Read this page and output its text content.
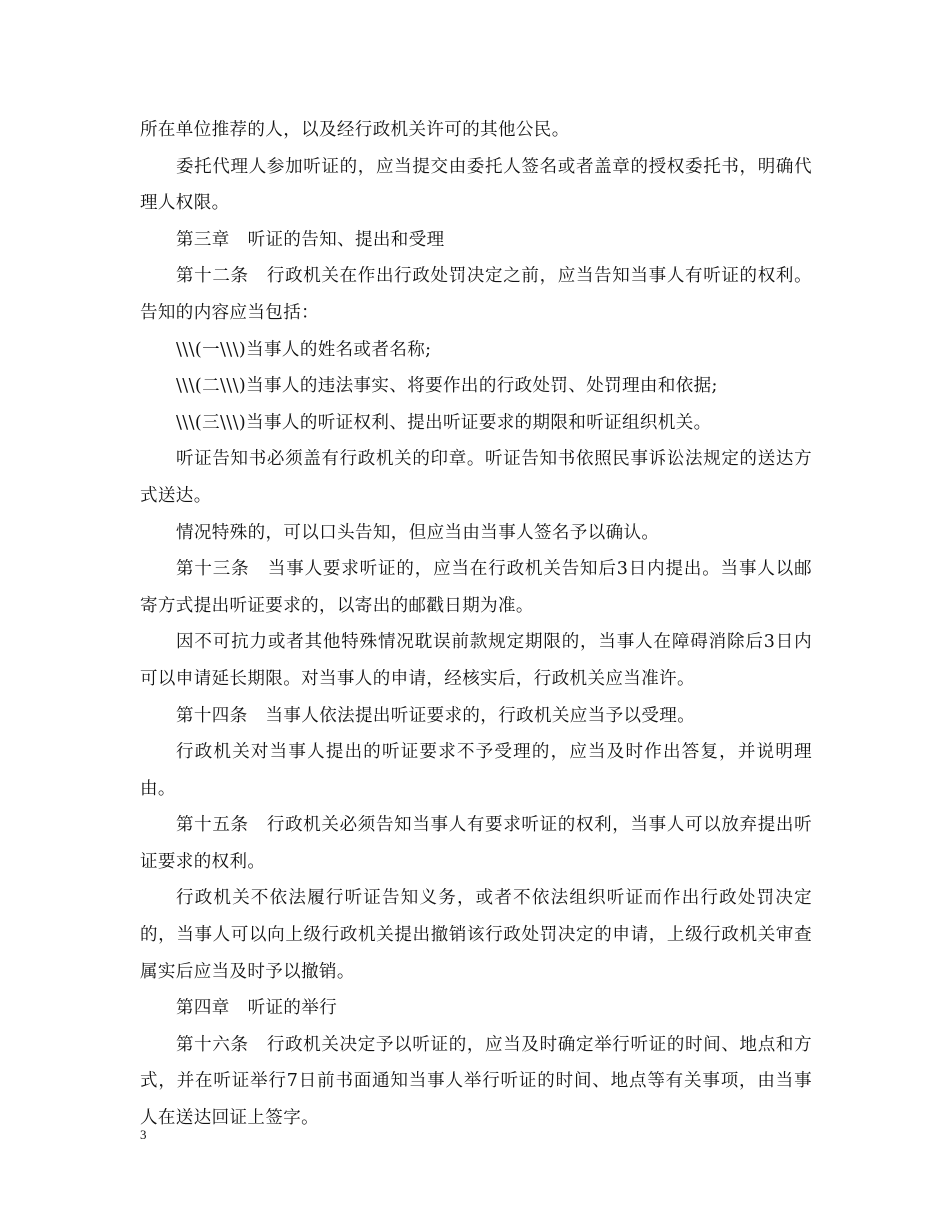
所在单位推荐的人，以及经行政机关许可的其他公民。

委托代理人参加听证的，应当提交由委托人签名或者盖章的授权委托书，明确代理人权限。

第三章　听证的告知、提出和受理

第十二条　行政机关在作出行政处罚决定之前，应当告知当事人有听证的权利。告知的内容应当包括：

\\\(一\\\)当事人的姓名或者名称;

\\\(二\\\)当事人的违法事实、将要作出的行政处罚、处罚理由和依据;

\\\(三\\\)当事人的听证权利、提出听证要求的期限和听证组织机关。

听证告知书必须盖有行政机关的印章。听证告知书依照民事诉讼法规定的送达方式送达。

情况特殊的，可以口头告知，但应当由当事人签名予以确认。

第十三条　当事人要求听证的，应当在行政机关告知后3日内提出。当事人以邮寄方式提出听证要求的，以寄出的邮戳日期为准。

因不可抗力或者其他特殊情况耽误前款规定期限的，当事人在障碍消除后3日内可以申请延长期限。对当事人的申请，经核实后，行政机关应当准许。

第十四条　当事人依法提出听证要求的，行政机关应当予以受理。

行政机关对当事人提出的听证要求不予受理的，应当及时作出答复，并说明理由。

第十五条　行政机关必须告知当事人有要求听证的权利，当事人可以放弃提出听证要求的权利。

行政机关不依法履行听证告知义务，或者不依法组织听证而作出行政处罚决定的，当事人可以向上级行政机关提出撤销该行政处罚决定的申请，上级行政机关审查属实后应当及时予以撤销。

第四章　听证的举行

第十六条　行政机关决定予以听证的，应当及时确定举行听证的时间、地点和方式，并在听证举行7日前书面通知当事人举行听证的时间、地点等有关事项，由当事人在送达回证上签字。

3
